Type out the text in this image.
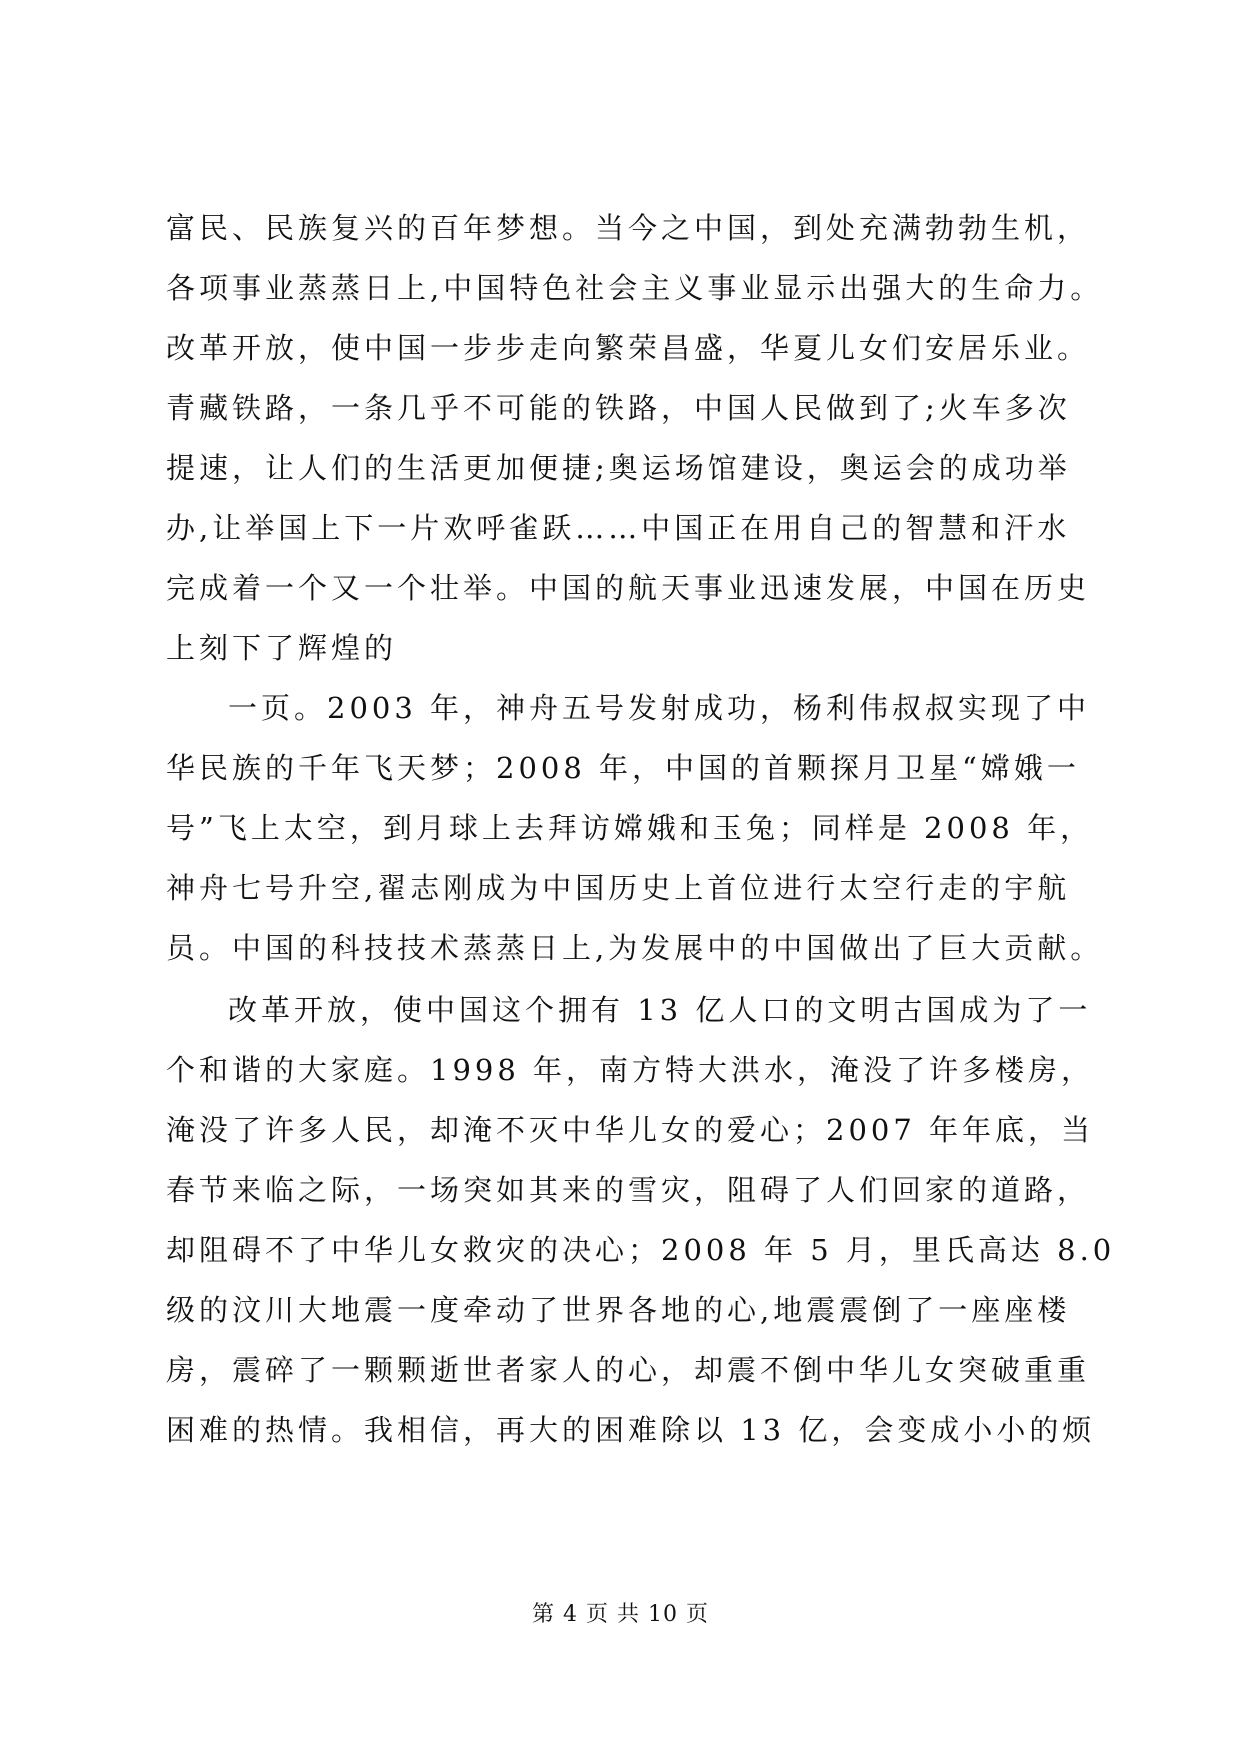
富民、民族复兴的百年梦想。当今之中国，到处充满勃勃生机，
各项事业蒸蒸日上,中国特色社会主义事业显示出强大的生命力。
改革开放，使中国一步步走向繁荣昌盛，华夏儿女们安居乐业。
青藏铁路，一条几乎不可能的铁路，中国人民做到了;火车多次
提速，让人们的生活更加便捷;奥运场馆建设，奥运会的成功举
办,让举国上下一片欢呼雀跃……中国正在用自己的智慧和汗水
完成着一个又一个壮举。中国的航天事业迅速发展，中国在历史
上刻下了辉煌的
一页。2003 年，神舟五号发射成功，杨利伟叔叔实现了中
华民族的千年飞天梦；2008 年，中国的首颗探月卫星“嫦娥一
号”飞上太空，到月球上去拜访嫦娥和玉兔；同样是 2008 年，
神舟七号升空,翟志刚成为中国历史上首位进行太空行走的宇航
员。中国的科技技术蒸蒸日上,为发展中的中国做出了巨大贡献。
改革开放，使中国这个拥有 13 亿人口的文明古国成为了一
个和谐的大家庭。1998 年，南方特大洪水，淹没了许多楼房，
淹没了许多人民，却淹不灭中华儿女的爱心；2007 年年底，当
春节来临之际，一场突如其来的雪灾，阻碍了人们回家的道路，
却阻碍不了中华儿女救灾的决心；2008 年 5 月，里氏高达 8.0
级的汶川大地震一度牵动了世界各地的心,地震震倒了一座座楼
房，震碎了一颗颗逝世者家人的心，却震不倒中华儿女突破重重
困难的热情。我相信，再大的困难除以 13 亿，会变成小小的烦
第 4 页 共 10 页
